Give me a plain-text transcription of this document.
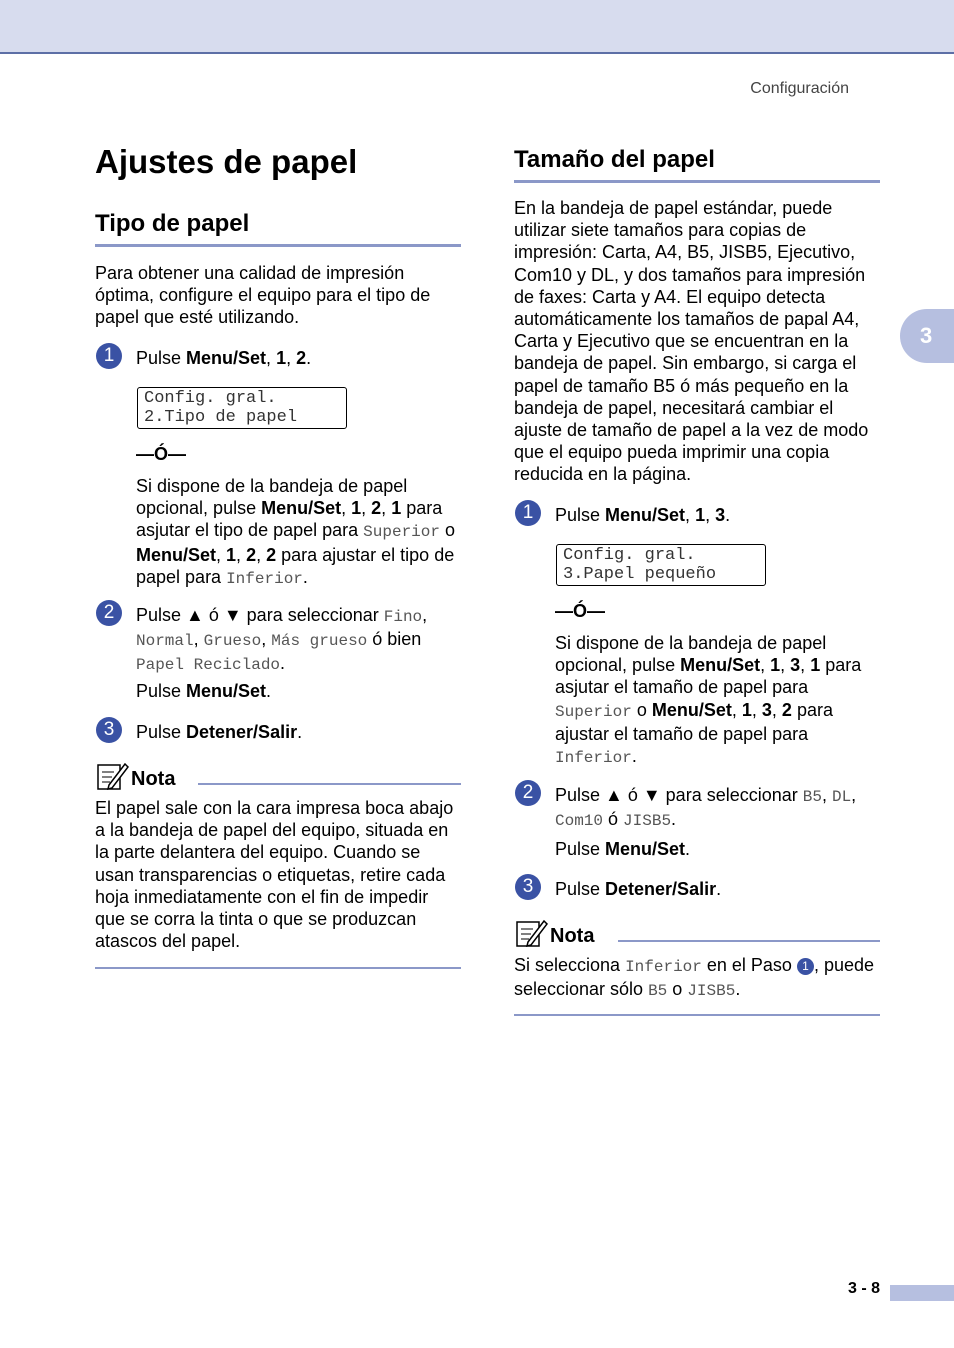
Configuración
3
Ajustes de papel
Tipo de papel
Para obtener una calidad de impresión óptima, configure el equipo para el tipo de papel que esté utilizando.
1	Pulse Menu/Set, 1, 2.
Config. gral.
2.Tipo de papel
—Ó—
Si dispone de la bandeja de papel opcional, pulse Menu/Set, 1, 2, 1 para asjutar el tipo de papel para Superior o Menu/Set, 1, 2, 2 para ajustar el tipo de papel para Inferior.
2	Pulse ▲ ó ▼ para seleccionar Fino, Normal, Grueso, Más grueso ó bien Papel Reciclado.
Pulse Menu/Set.
3	Pulse Detener/Salir.
Nota
El papel sale con la cara impresa boca abajo a la bandeja de papel del equipo, situada en la parte delantera del equipo. Cuando se usan transparencias o etiquetas, retire cada hoja inmediatamente con el fin de impedir que se corra la tinta o que se produzcan atascos del papel.
Tamaño del papel
En la bandeja de papel estándar, puede utilizar siete tamaños para copias de impresión: Carta, A4, B5, JISB5, Ejecutivo, Com10 y DL, y dos tamaños para impresión de faxes: Carta y A4. El equipo detecta automáticamente los tamaños de papal A4, Carta y Ejecutivo que se encuentran en la bandeja de papel. Sin embargo, si carga el papel de tamaño B5 ó más pequeño en la bandeja de papel, necesitará cambiar el ajuste de tamaño de papel a la vez de modo que el equipo pueda imprimir una copia reducida en la página.
1	Pulse Menu/Set, 1, 3.
Config. gral.
3.Papel pequeño
—Ó—
Si dispone de la bandeja de papel opcional, pulse Menu/Set, 1, 3, 1 para asjutar el tamaño de papel para Superior o Menu/Set, 1, 3, 2 para ajustar el tamaño de papel para Inferior.
2	Pulse ▲ ó ▼ para seleccionar B5, DL, Com10 ó JISB5.
Pulse Menu/Set.
3	Pulse Detener/Salir.
Nota
Si selecciona Inferior en el Paso 1 , puede seleccionar sólo B5 o JISB5.
3 - 8
